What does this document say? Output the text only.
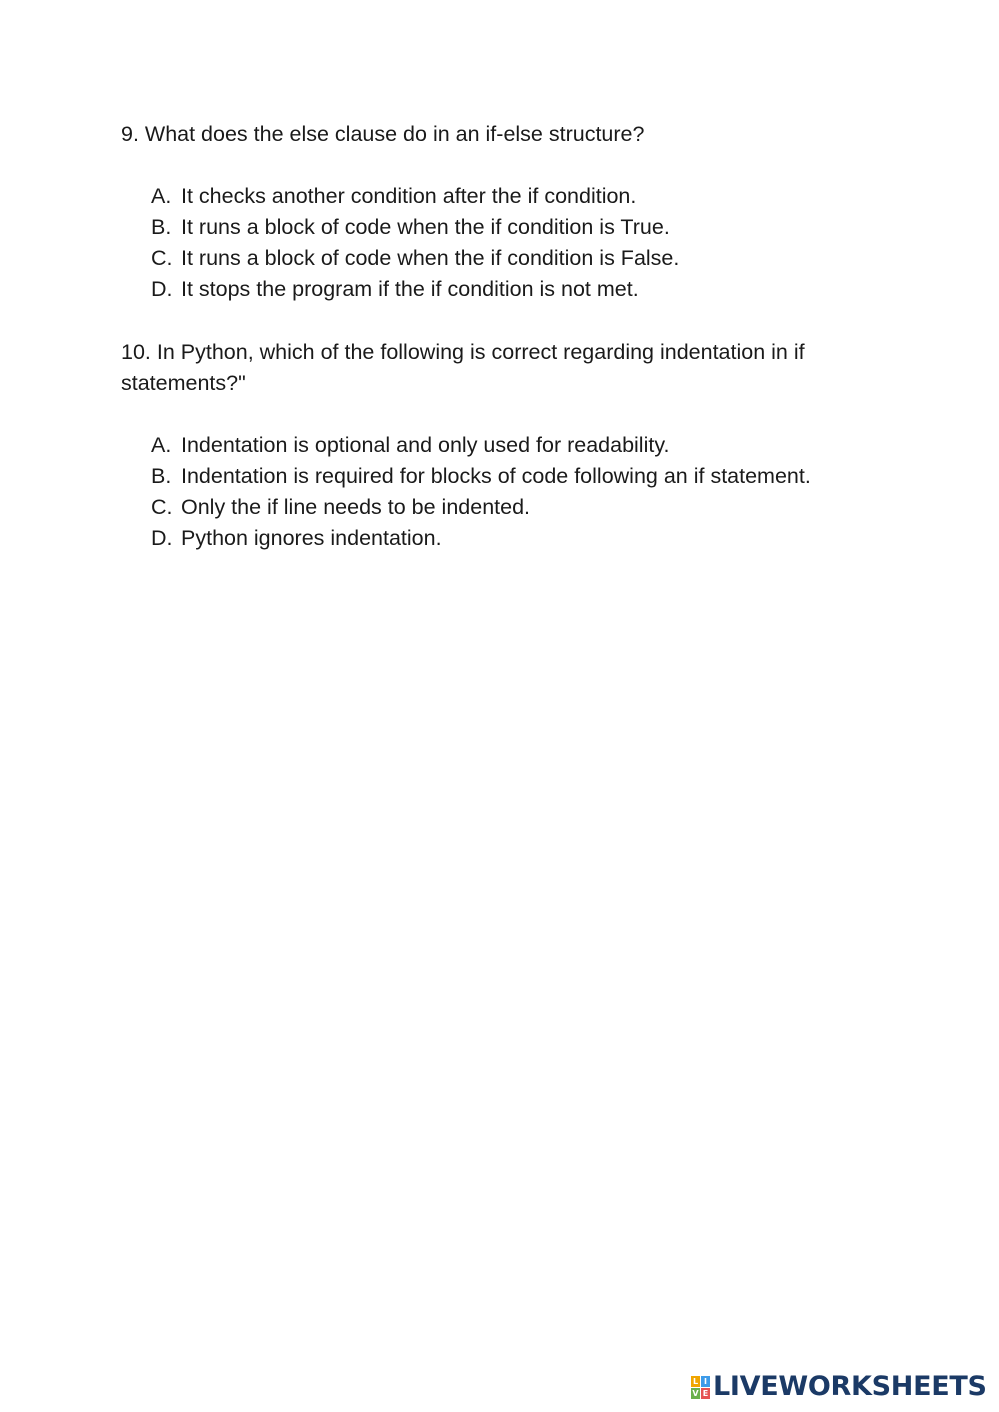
9. What does the else clause do in an if-else structure?
A. It checks another condition after the if condition.
B. It runs a block of code when the if condition is True.
C. It runs a block of code when the if condition is False.
D. It stops the program if the if condition is not met.
10. In Python, which of the following is correct regarding indentation in if statements?"
A. Indentation is optional and only used for readability.
B. Indentation is required for blocks of code following an if statement.
C. Only the if line needs to be indented.
D. Python ignores indentation.
L I
V E LIVEWORKSHEETS
